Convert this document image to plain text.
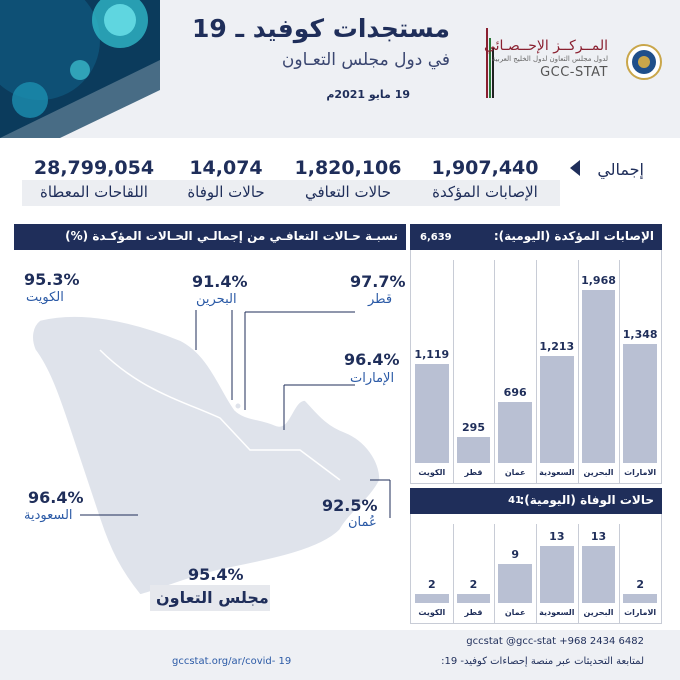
مستجدات كوفيد ـ 19
في دول مجلس التعـاون
19 مايو 2021م
المــركــز الإحــصـائي
لدول مجلس التعاون لدول الخليج العربية
GCC-STAT
إجمالي
1,907,440
الإصابات المؤكدة
1,820,106
حالات التعافي
14,074
حالات الوفاة
28,799,054
اللقاحات المعطاة
الإصابات المؤكدة (اليومية):
6,639
1,119
الكويت
295
قطر
696
عمان
1,213
السعودية
1,968
البحرين
1,348
الامارات
حالات الوفاة (اليومية):
41
2
الكويت
2
قطر
9
عمان
13
السعودية
13
البحرين
2
الامارات
نسبـة حـالات التعافـي من إجمالـي الحـالات المؤكـدة (%)
97.7%
قطر
91.4%
البحرين
95.3%
الكويت
96.4%
الإمارات
96.4%
السعودية
92.5%
عُمان
95.4%
مجلس التعاون
gccstat @gcc-stat +968 2434 6482
لمتابعة التحديثات عبر منصة إحصاءات كوفيد- 19:
gccstat.org/ar/covid- 19
